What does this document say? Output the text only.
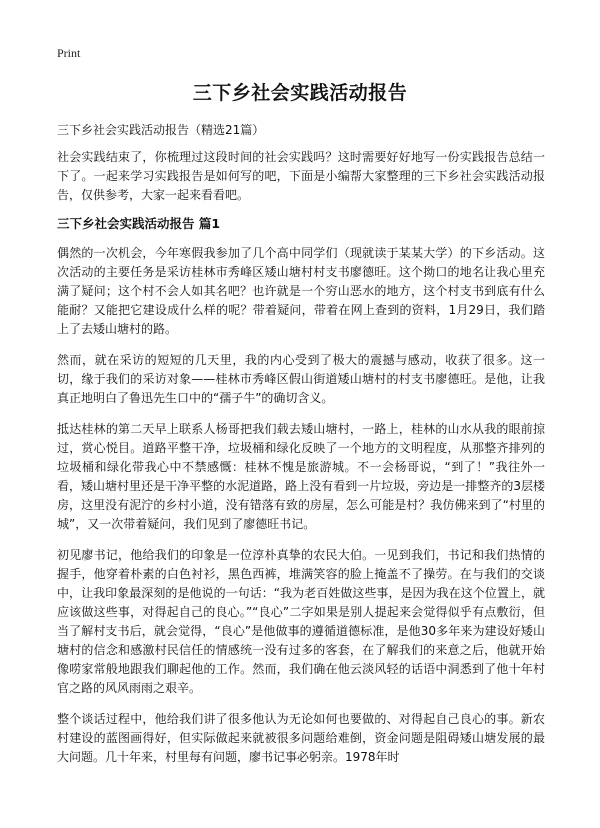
Print
三下乡社会实践活动报告
三下乡社会实践活动报告（精选21篇）
社会实践结束了，你梳理过这段时间的社会实践吗？这时需要好好地写一份实践报告总结一下了。一起来学习实践报告是如何写的吧，下面是小编帮大家整理的三下乡社会实践活动报告，仅供参考，大家一起来看看吧。
三下乡社会实践活动报告 篇1

偶然的一次机会，今年寒假我参加了几个高中同学们（现就读于某某大学）的下乡活动。这次活动的主要任务是采访桂林市秀峰区矮山塘村村支书廖德旺。这个拗口的地名让我心里充满了疑问；这个村不会人如其名吧？也许就是一个穷山恶水的地方，这个村支书到底有什么能耐？又能把它建设成什么样的呢？带着疑问，带着在网上查到的资料，1月29日，我们踏上了去矮山塘村的路。

然而，就在采访的短短的几天里，我的内心受到了极大的震撼与感动，收获了很多。这一切，缘于我们的采访对象——桂林市秀峰区假山街道矮山塘村的村支书廖德旺。是他，让我真正地明白了鲁迅先生口中的“孺子牛”的确切含义。

抵达桂林的第二天早上联系人杨哥把我们载去矮山塘村，一路上，桂林的山水从我的眼前掠过，赏心悦目。道路平整干净，垃圾桶和绿化反映了一个地方的文明程度，从那整齐排列的垃圾桶和绿化带我心中不禁感慨：桂林不愧是旅游城。不一会杨哥说，“到了！”我往外一看，矮山塘村里还是干净平整的水泥道路，路上没有看到一片垃圾，旁边是一排整齐的3层楼房，这里没有泥泞的乡村小道，没有错落有致的房屋，怎么可能是村？我仿佛来到了“村里的城”，又一次带着疑问，我们见到了廖德旺书记。

初见廖书记，他给我们的印象是一位淳朴真挚的农民大伯。一见到我们，书记和我们热情的握手，他穿着朴素的白色衬衫，黑色西裤，堆满笑容的脸上掩盖不了操劳。在与我们的交谈中，让我印象最深刻的是他说的一句话：“我为老百姓做这些事，是因为我在这个位置上，就应该做这些事，对得起自己的良心。”“良心”二字如果是别人提起来会觉得似乎有点敷衍，但当了解村支书后，就会觉得，“良心”是他做事的遵循道德标准，是他30多年来为建设好矮山塘村的信念和感激村民信任的情感统一没有过多的客套，在了解我们的来意之后，他就开始像唠家常般地跟我们聊起他的工作。然而，我们确在他云淡风轻的话语中洞悉到了他十年村官之路的风风雨雨之艰辛。

整个谈话过程中，他给我们讲了很多他认为无论如何也要做的、对得起自己良心的事。新农村建设的蓝图画得好，但实际做起来就被很多问题给难倒，资金问题是阻碍矮山塘发展的最大问题。几十年来，村里每有问题，廖书记事必躬亲。1978年时
